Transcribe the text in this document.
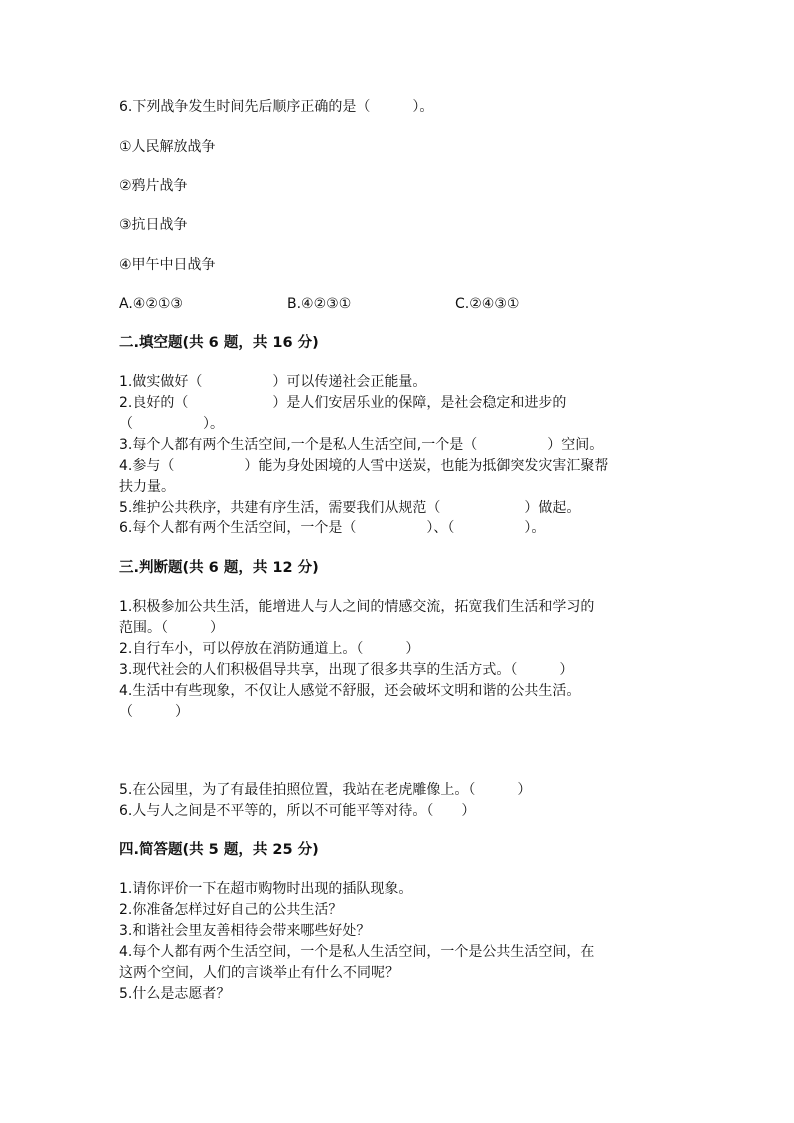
6.下列战争发生时间先后顺序正确的是（　　　）。
①人民解放战争
②鸦片战争
③抗日战争
④甲午中日战争
A.④②①③	B.④②③①	C.②④③①
二.填空题(共 6 题，共 16 分)
1.做实做好（　　　　　）可以传递社会正能量。
2.良好的（　　　　　　）是人们安居乐业的保障，是社会稳定和进步的
（　　　　　）。
3.每个人都有两个生活空间,一个是私人生活空间,一个是（　　　　　）空间。
4.参与（　　　　　）能为身处困境的人雪中送炭，也能为抵御突发灾害汇聚帮
扶力量。
5.维护公共秩序，共建有序生活，需要我们从规范（　　　　　　）做起。
6.每个人都有两个生活空间，一个是（　　　　　）、（　　　　　）。
三.判断题(共 6 题，共 12 分)
1.积极参加公共生活，能增进人与人之间的情感交流，拓宽我们生活和学习的
范围。（　　　）
2.自行车小，可以停放在消防通道上。（　　　）
3.现代社会的人们积极倡导共享，出现了很多共享的生活方式。（　　　）
4.生活中有些现象，不仅让人感觉不舒服，还会破坏文明和谐的公共生活。
（　　　）
5.在公园里，为了有最佳拍照位置，我站在老虎雕像上。（　　　）
6.人与人之间是不平等的，所以不可能平等对待。（　　）
四.简答题(共 5 题，共 25 分)
1.请你评价一下在超市购物时出现的插队现象。
2.你准备怎样过好自己的公共生活？
3.和谐社会里友善相待会带来哪些好处？
4.每个人都有两个生活空间，一个是私人生活空间，一个是公共生活空间，在
这两个空间，人们的言谈举止有什么不同呢？
5.什么是志愿者？
